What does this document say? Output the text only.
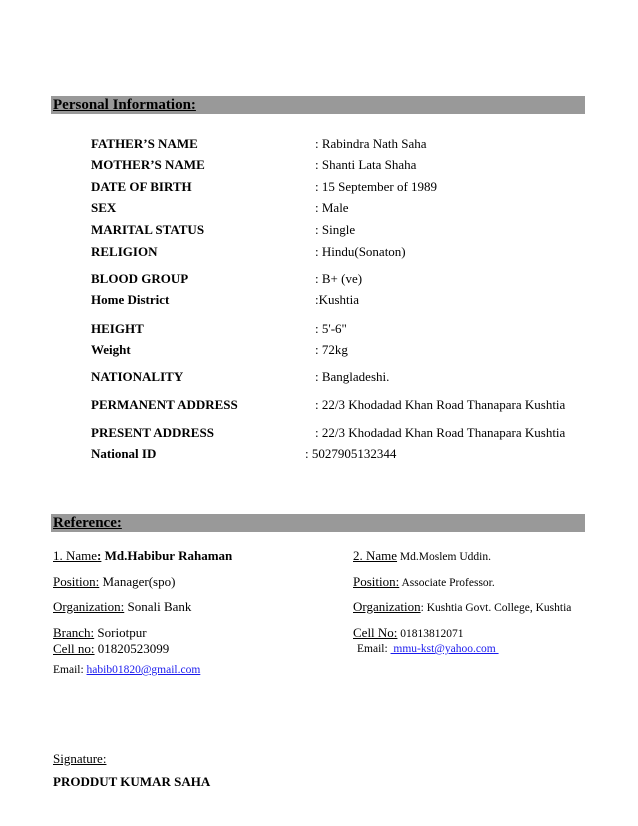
Personal Information:
FATHER’S NAME	: Rabindra Nath Saha
MOTHER’S NAME	: Shanti Lata Shaha
DATE OF BIRTH	: 15 September of 1989
SEX	: Male
MARITAL STATUS	: Single
RELIGION	: Hindu(Sonaton)
BLOOD GROUP	: B+ (ve)
Home District	:Kushtia
HEIGHT	: 5'-6"
Weight	: 72kg
NATIONALITY	: Bangladeshi.
PERMANENT ADDRESS	: 22/3 Khodadad Khan Road Thanapara Kushtia
PRESENT ADDRESS	: 22/3 Khodadad Khan Road Thanapara Kushtia
National ID	: 5027905132344
Reference:
1. Name: Md.Habibur Rahaman
Position: Manager(spo)
Organization: Sonali Bank
Branch: Soriotpur
Cell no: 01820523099
Email: habib01820@gmail.com
2. Name Md.Moslem Uddin.
Position: Associate Professor.
Organization: Kushtia Govt. College, Kushtia
Cell No: 01813812071
Email:  mmu-kst@yahoo.com
Signature:
PRODDUT KUMAR SAHA
